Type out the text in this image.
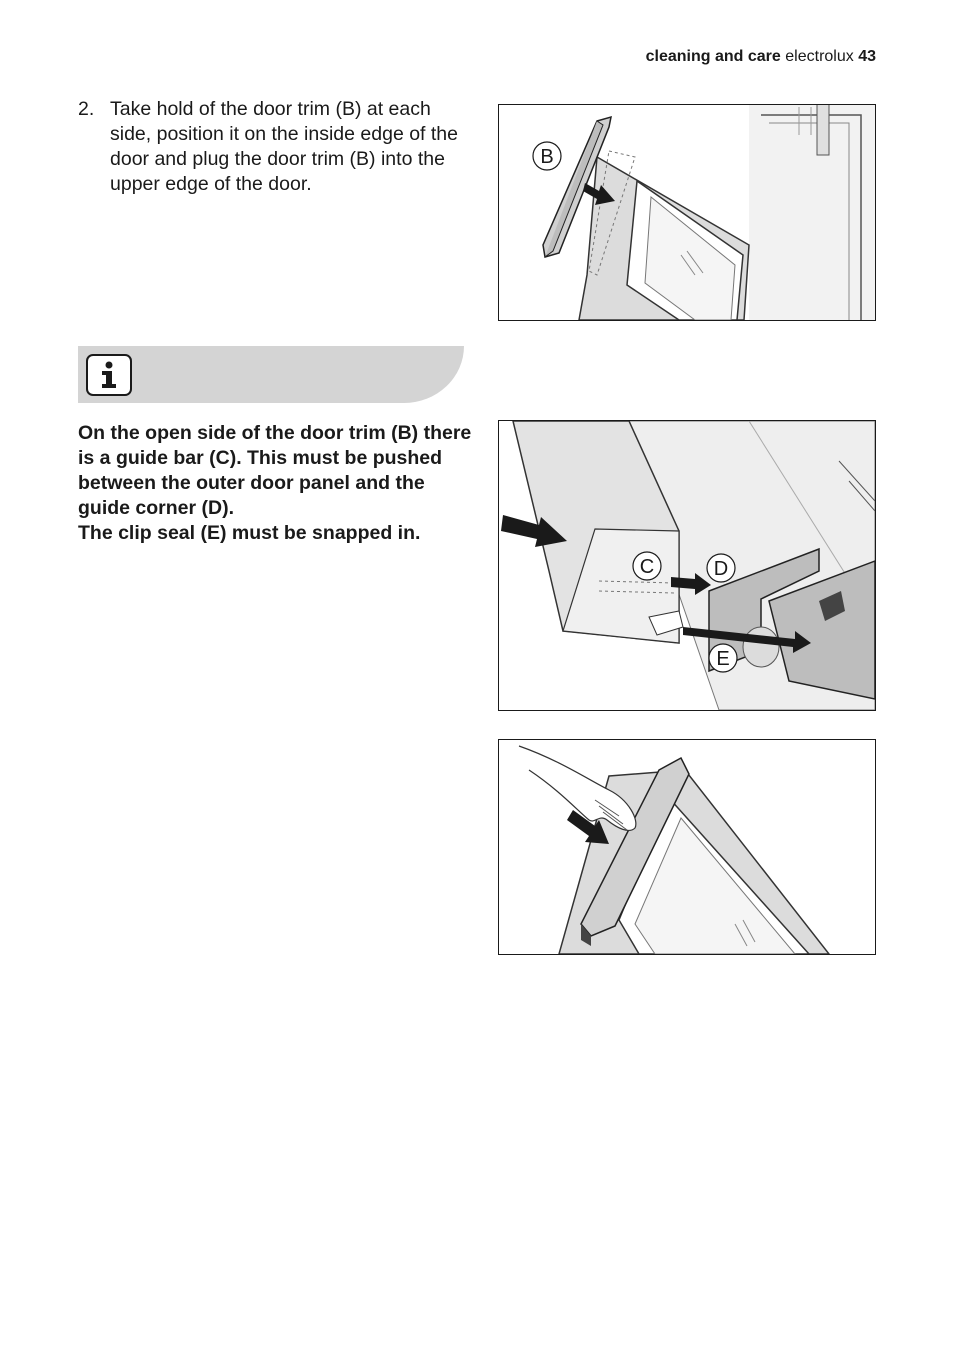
cleaning and care electrolux 43
2. Take hold of the door trim (B) at each side, position it on the inside edge of the door and plug the door trim (B) into the upper edge of the door.

On the open side of the door trim (B) there is a guide bar (C). This must be pushed between the outer door panel and the guide corner (D).

The clip seal (E) must be snapped in.

B
C	D
E
